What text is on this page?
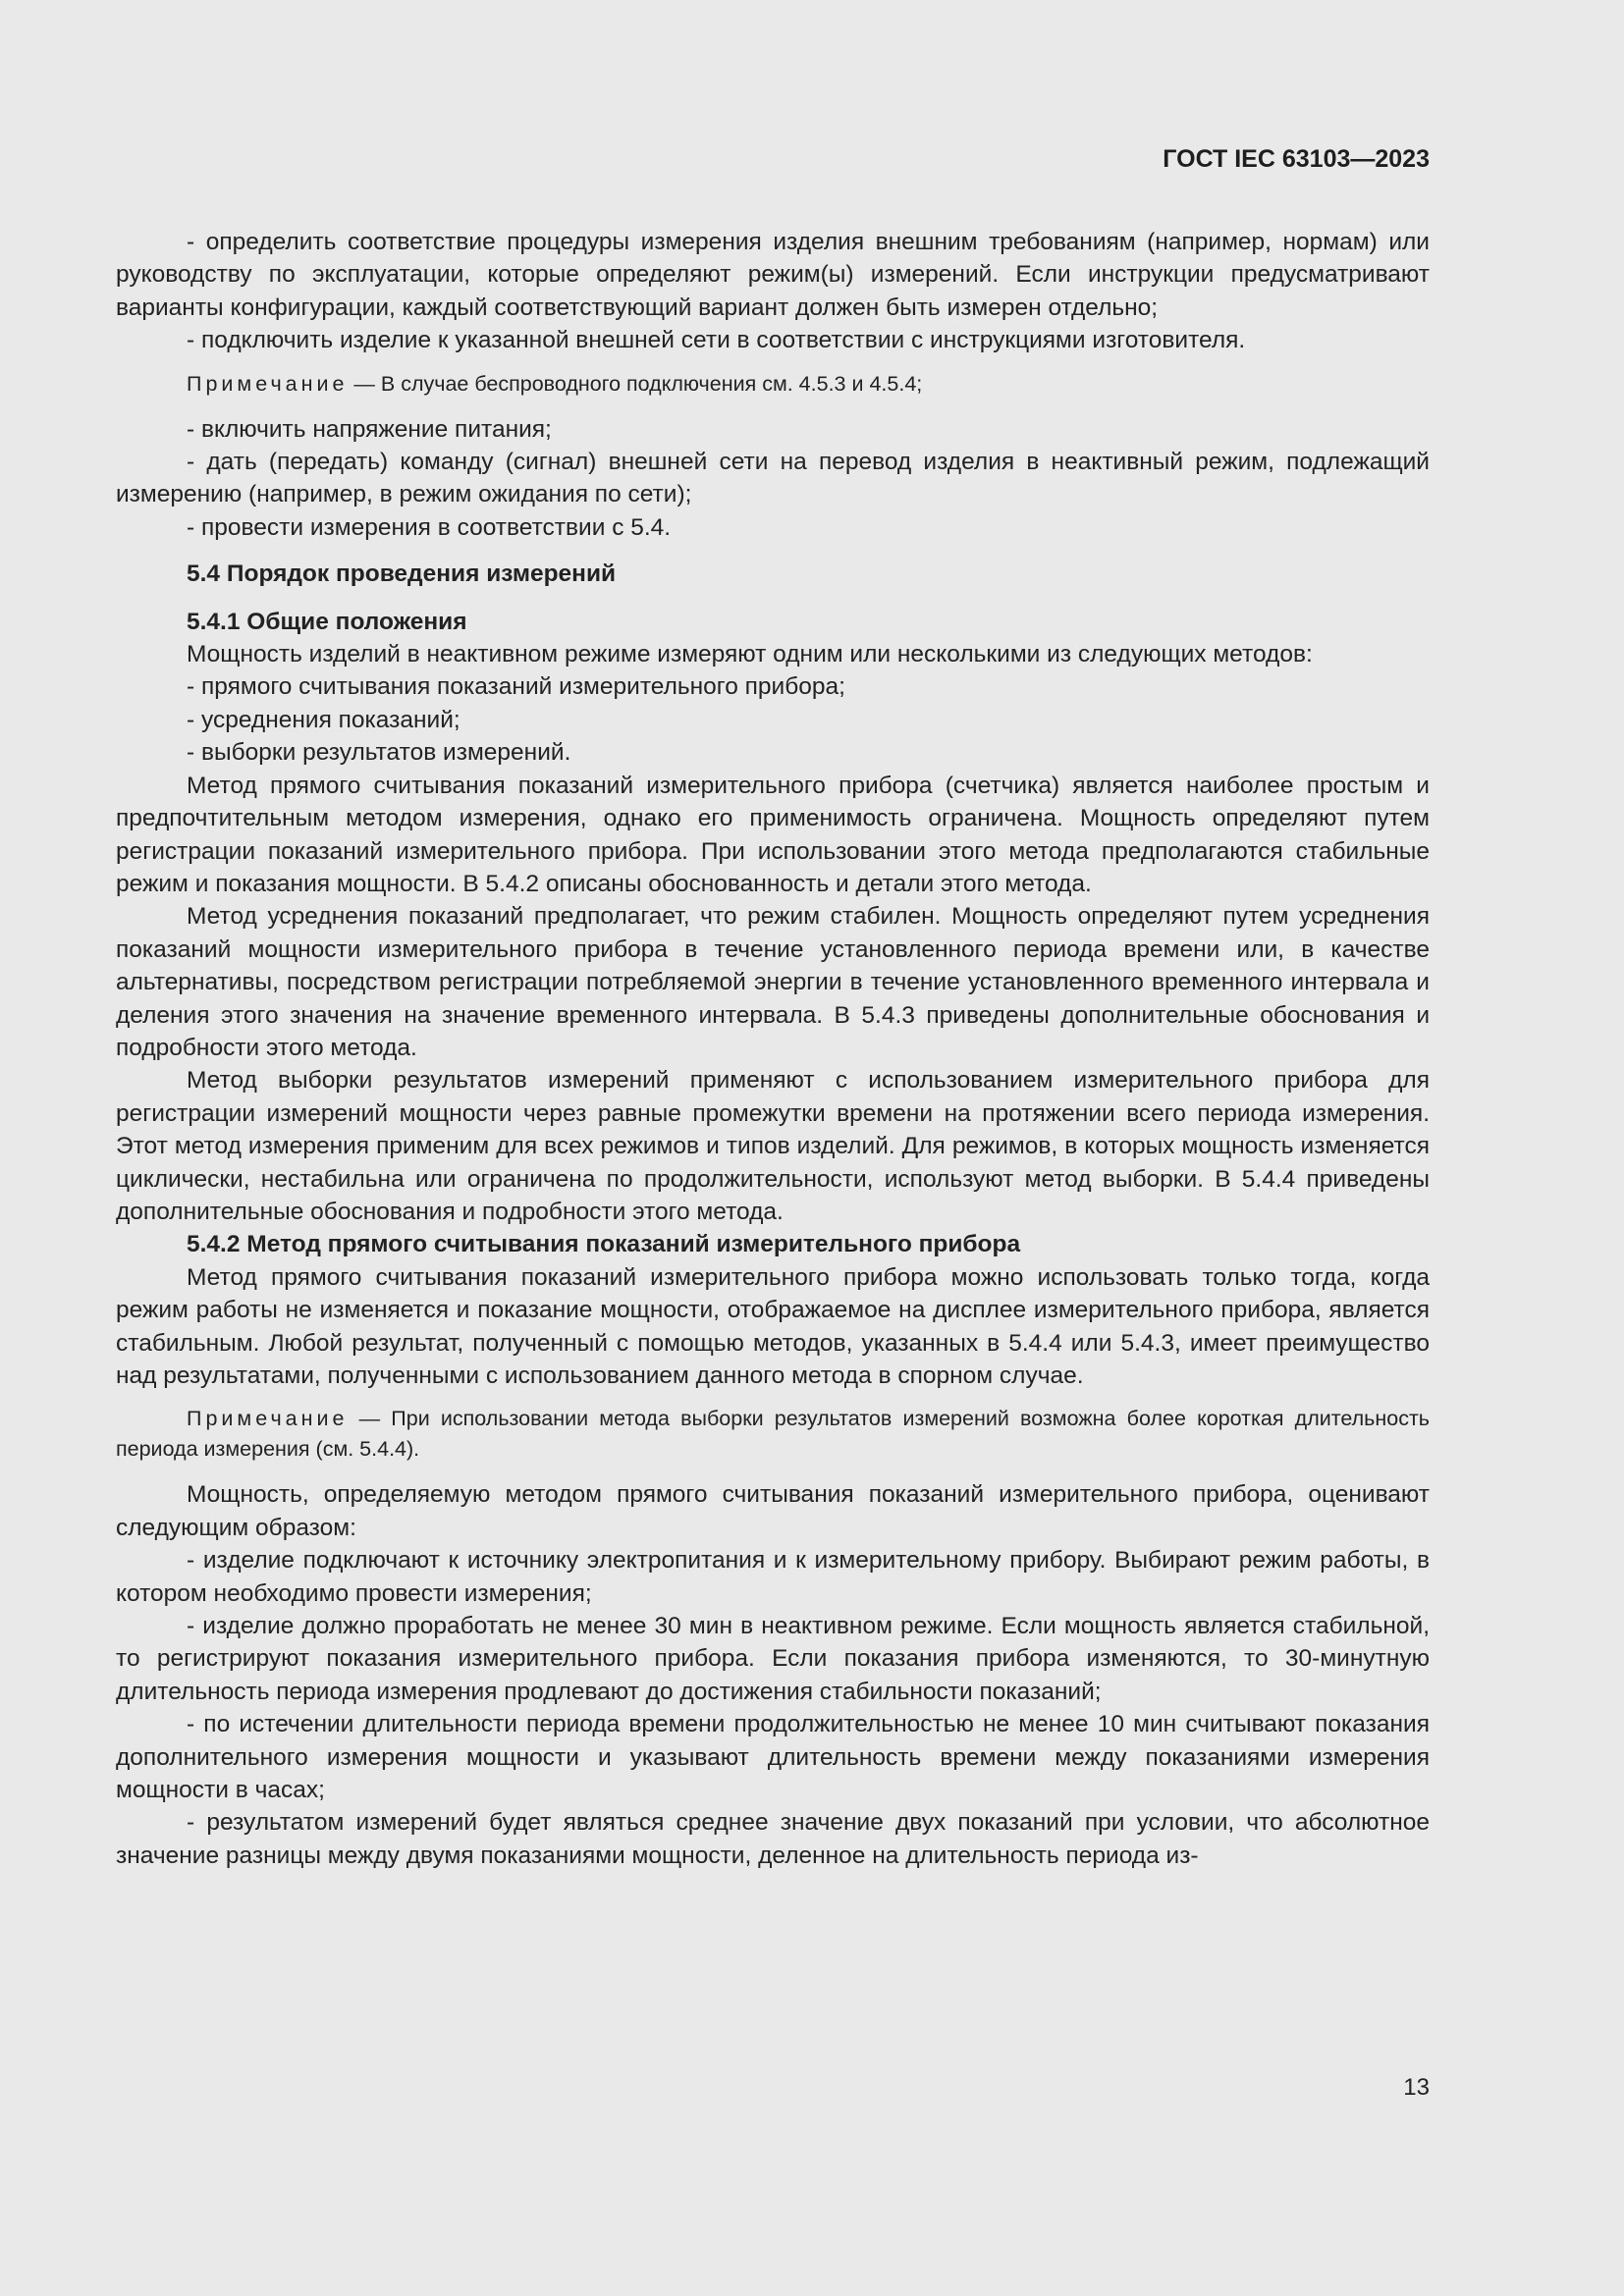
ГОСТ IEC 63103—2023

- определить соответствие процедуры измерения изделия внешним требованиям (например, нормам) или руководству по эксплуатации, которые определяют режим(ы) измерений. Если инструкции предусматривают варианты конфигурации, каждый соответствующий вариант должен быть измерен отдельно;

- подключить изделие к указанной внешней сети в соответствии с инструкциями изготовителя.

Примечание — В случае беспроводного подключения см. 4.5.3 и 4.5.4;

- включить напряжение питания;

- дать (передать) команду (сигнал) внешней сети на перевод изделия в неактивный режим, подлежащий измерению (например, в режим ожидания по сети);

- провести измерения в соответствии с 5.4.

5.4 Порядок проведения измерений
5.4.1 Общие положения

Мощность изделий в неактивном режиме измеряют одним или несколькими из следующих методов:

- прямого считывания показаний измерительного прибора;

- усреднения показаний;

- выборки результатов измерений.

Метод прямого считывания показаний измерительного прибора (счетчика) является наиболее простым и предпочтительным методом измерения, однако его применимость ограничена. Мощность определяют путем регистрации показаний измерительного прибора. При использовании этого метода предполагаются стабильные режим и показания мощности. В 5.4.2 описаны обоснованность и детали этого метода.

Метод усреднения показаний предполагает, что режим стабилен. Мощность определяют путем усреднения показаний мощности измерительного прибора в течение установленного периода времени или, в качестве альтернативы, посредством регистрации потребляемой энергии в течение установленного временного интервала и деления этого значения на значение временного интервала. В 5.4.3 приведены дополнительные обоснования и подробности этого метода.

Метод выборки результатов измерений применяют с использованием измерительного прибора для регистрации измерений мощности через равные промежутки времени на протяжении всего периода измерения. Этот метод измерения применим для всех режимов и типов изделий. Для режимов, в которых мощность изменяется циклически, нестабильна или ограничена по продолжительности, используют метод выборки. В 5.4.4 приведены дополнительные обоснования и подробности этого метода.

5.4.2 Метод прямого считывания показаний измерительного прибора

Метод прямого считывания показаний измерительного прибора можно использовать только тогда, когда режим работы не изменяется и показание мощности, отображаемое на дисплее измерительного прибора, является стабильным. Любой результат, полученный с помощью методов, указанных в 5.4.4 или 5.4.3, имеет преимущество над результатами, полученными с использованием данного метода в спорном случае.

Примечание — При использовании метода выборки результатов измерений возможна более короткая длительность периода измерения (см. 5.4.4).

Мощность, определяемую методом прямого считывания показаний измерительного прибора, оценивают следующим образом:

- изделие подключают к источнику электропитания и к измерительному прибору. Выбирают режим работы, в котором необходимо провести измерения;

- изделие должно проработать не менее 30 мин в неактивном режиме. Если мощность является стабильной, то регистрируют показания измерительного прибора. Если показания прибора изменяются, то 30-минутную длительность периода измерения продлевают до достижения стабильности показаний;

- по истечении длительности периода времени продолжительностью не менее 10 мин считывают показания дополнительного измерения мощности и указывают длительность времени между показаниями измерения мощности в часах;

- результатом измерений будет являться среднее значение двух показаний при условии, что абсолютное значение разницы между двумя показаниями мощности, деленное на длительность периода из-

13
